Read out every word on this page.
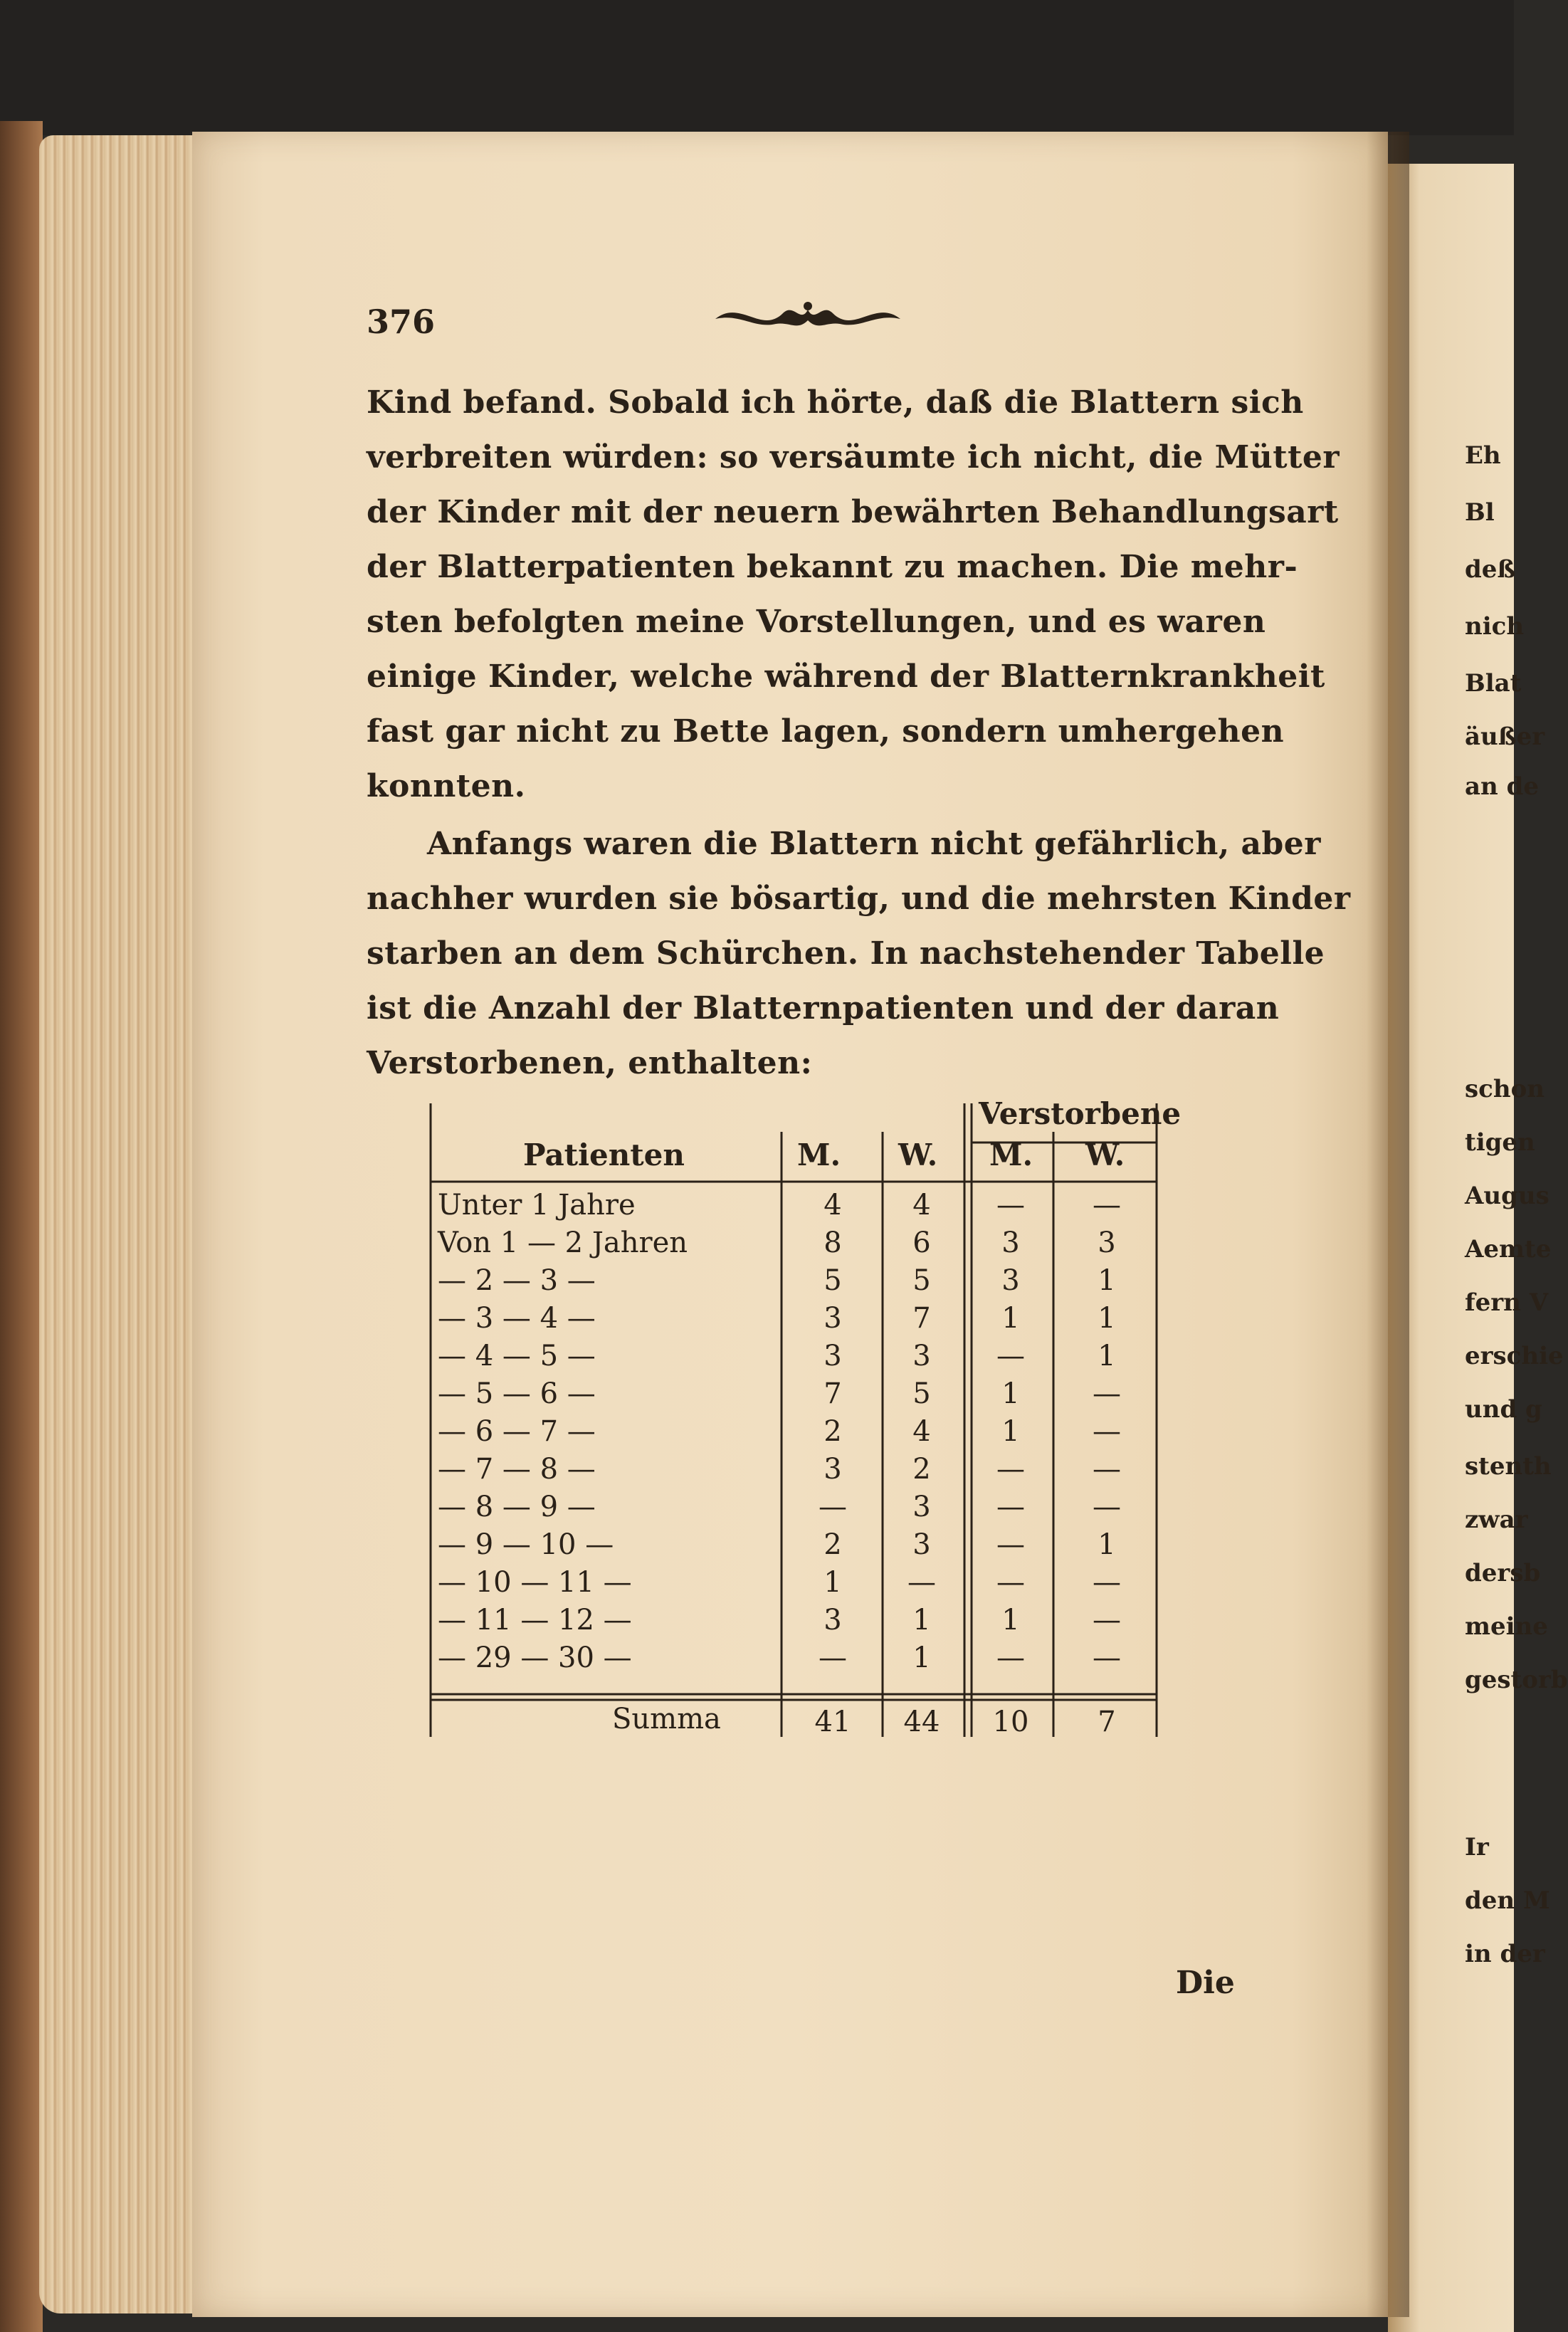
376
Kind befand. Sobald ich hörte, daß die Blattern sich
verbreiten würden: so versäumte ich nicht, die Mütter
der Kinder mit der neuern bewährten Behandlungsart
der Blatterpatienten bekannt zu machen. Die mehr-
sten befolgten meine Vorstellungen, und es waren
einige Kinder, welche während der Blatternkrankheit
fast gar nicht zu Bette lagen, sondern umhergehen
konnten.
Anfangs waren die Blattern nicht gefährlich, aber
nachher wurden sie bösartig, und die mehrsten Kinder
starben an dem Schürchen. In nachstehender Tabelle
ist die Anzahl der Blatternpatienten und der daran
Verstorbenen, enthalten:
Patienten	M. W.
Verstorbene
M. W.
Unter 1 Jahre	4	4	—	—
Von 1 — 2 Jahren	8	6	3	3
— 2 — 3 —	5	5	3	1
— 3 — 4 —	3	7	1	1
— 4 — 5 —	3	3	—	1
— 5 — 6 —	7	5	1	—
— 6 — 7 —	2	4	1	—
— 7 — 8 —	3	2	—	—
— 8 — 9 —	—	3	—	—
— 9 — 10 —	2	3	—	1
— 10 — 11 —	1	—	—	—
— 11 — 12 —	3	1	1	—
— 29 — 30 —	—	1	—	—
Summa	41	44	10	7
Die
Eh
Bl
deß
nich
Blat
äußer
an de
schon
tigen
Augus
Aemte
fern V
erschie
und g
stenth
zwar
dersb
meine
gestorb
Ir
den M
in der
